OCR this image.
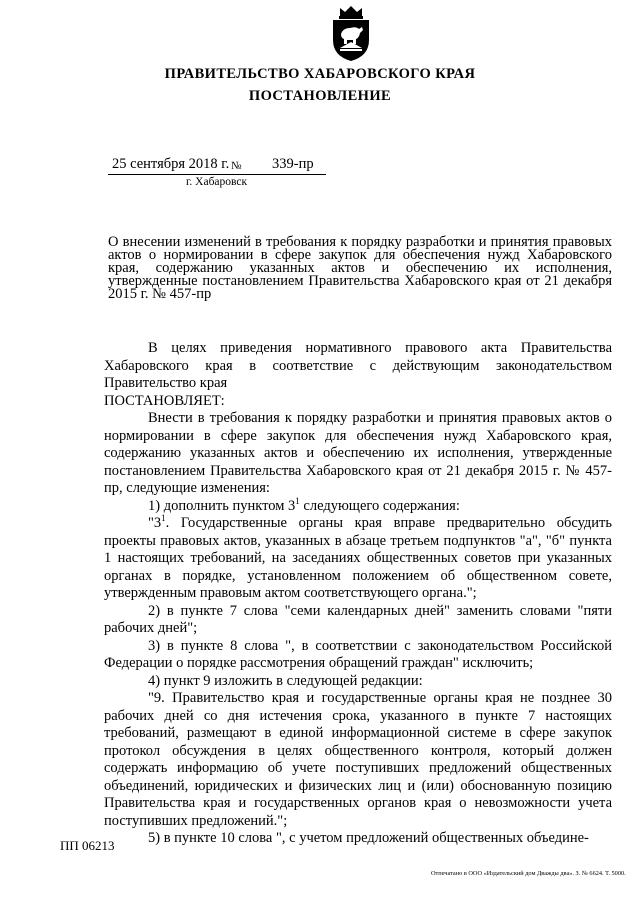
ПРАВИТЕЛЬСТВО ХАБАРОВСКОГО КРАЯ
ПОСТАНОВЛЕНИЕ
25 сентября 2018 г. № 339-пр
г. Хабаровск
О внесении изменений в требования к порядку разработки и принятия правовых актов о нормировании в сфере закупок для обеспечения нужд Хабаровского края, содержанию указанных актов и обеспечению их исполнения, утвержденные постановлением Правительства Хабаровского края от 21 декабря 2015 г. № 457-пр

В целях приведения нормативного правового акта Правительства Хабаровского края в соответствие с действующим законодательством Правительство края

ПОСТАНОВЛЯЕТ:

Внести в требования к порядку разработки и принятия правовых актов о нормировании в сфере закупок для обеспечения нужд Хабаровского края, содержанию указанных актов и обеспечению их исполнения, утвержденные постановлением Правительства Хабаровского края от 21 декабря 2015 г. № 457-пр, следующие изменения:

1) дополнить пунктом $3^1$ следующего содержания:

"$3^1$. Государственные органы края вправе предварительно обсудить проекты правовых актов, указанных в абзаце третьем подпунктов "а", "б" пункта 1 настоящих требований, на заседаниях общественных советов при указанных органах в порядке, установленном положением об общественном совете, утвержденным правовым актом соответствующего органа.";

2) в пункте 7 слова "семи календарных дней" заменить словами "пяти рабочих дней";

3) в пункте 8 слова ", в соответствии с законодательством Российской Федерации о порядке рассмотрения обращений граждан" исключить;

4) пункт 9 изложить в следующей редакции:

"9. Правительство края и государственные органы края не позднее 30 рабочих дней со дня истечения срока, указанного в пункте 7 настоящих требований, размещают в единой информационной системе в сфере закупок протокол обсуждения в целях общественного контроля, который должен содержать информацию об учете поступивших предложений общественных объединений, юридических и физических лиц и (или) обоснованную позицию Правительства края и государственных органов края о невозможности учета поступивших предложений.";

5) в пункте 10 слова ", с учетом предложений общественных объедине-

ПП 06213
Отпечатано в ООО «Издательский дом Дважды два». З. № 6624. Т. 5000.
